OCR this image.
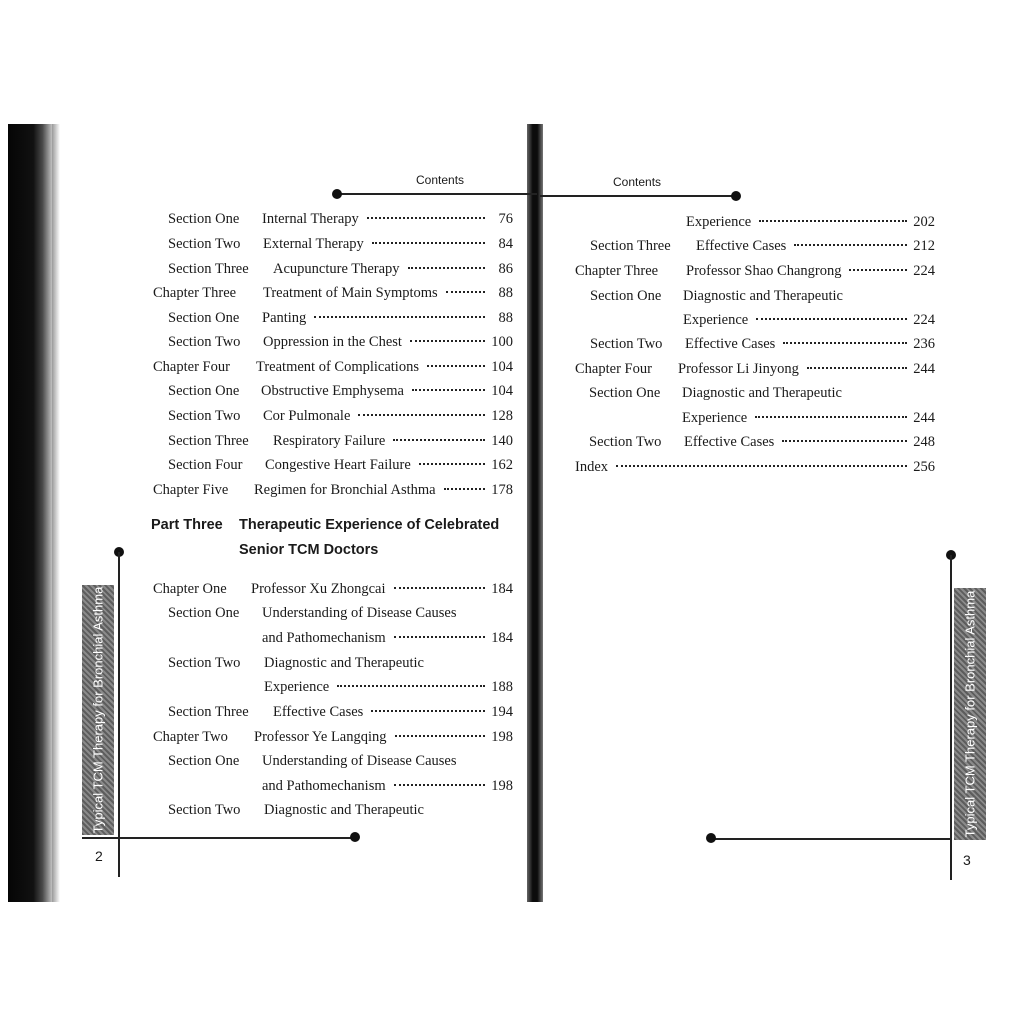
Contents
Typical TCM Therapy for Bronchial Asthma
2
Contents
Typical TCM Therapy for Bronchial Asthma
3
Part Three Therapeutic Experience of Celebrated
Senior TCM Doctors
Section One	Internal Therapy	76
Section Two	External Therapy	84
Section Three	Acupuncture Therapy	86
Chapter Three	Treatment of Main Symptoms	88
Section One	Panting	88
Section Two	Oppression in the Chest	100
Chapter Four	Treatment of Complications	104
Section One	Obstructive Emphysema	104
Section Two	Cor Pulmonale	128
Section Three	Respiratory Failure	140
Section Four	Congestive Heart Failure	162
Chapter Five	Regimen for Bronchial Asthma	178
Chapter One	Professor Xu Zhongcai	184
Section One	Understanding of Disease Causes
and Pathomechanism	184
Section Two	Diagnostic and Therapeutic
Experience	188
Section Three	Effective Cases	194
Chapter Two	Professor Ye Langqing	198
Section One	Understanding of Disease Causes
and Pathomechanism	198
Section Two	Diagnostic and Therapeutic
Experience	202
Section Three	Effective Cases	212
Chapter Three	Professor Shao Changrong	224
Section One	Diagnostic and Therapeutic
Experience	224
Section Two	Effective Cases	236
Chapter Four	Professor Li Jinyong	244
Section One	Diagnostic and Therapeutic
Experience	244
Section Two	Effective Cases	248
Index	256
